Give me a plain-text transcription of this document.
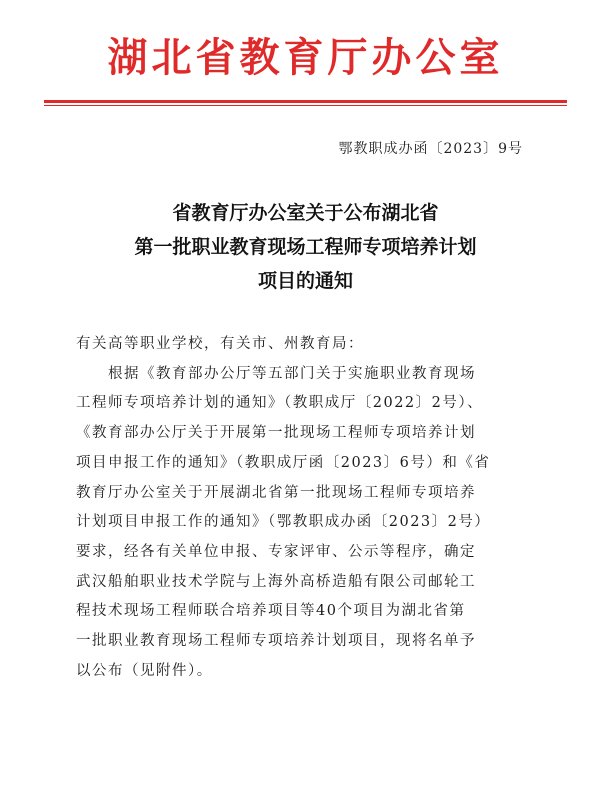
湖北省教育厅办公室
鄂教职成办函〔2023〕9号
省教育厅办公室关于公布湖北省
第一批职业教育现场工程师专项培养计划
项目的通知
有关高等职业学校，有关市、州教育局：
　　根据《教育部办公厅等五部门关于实施职业教育现场
工程师专项培养计划的通知》（教职成厅〔2022〕2号）、
《教育部办公厅关于开展第一批现场工程师专项培养计划
项目申报工作的通知》（教职成厅函〔2023〕6号）和《省
教育厅办公室关于开展湖北省第一批现场工程师专项培养
计划项目申报工作的通知》（鄂教职成办函〔2023〕2号）
要求，经各有关单位申报、专家评审、公示等程序，确定
武汉船舶职业技术学院与上海外高桥造船有限公司邮轮工
程技术现场工程师联合培养项目等40个项目为湖北省第
一批职业教育现场工程师专项培养计划项目，现将名单予
以公布（见附件）。
